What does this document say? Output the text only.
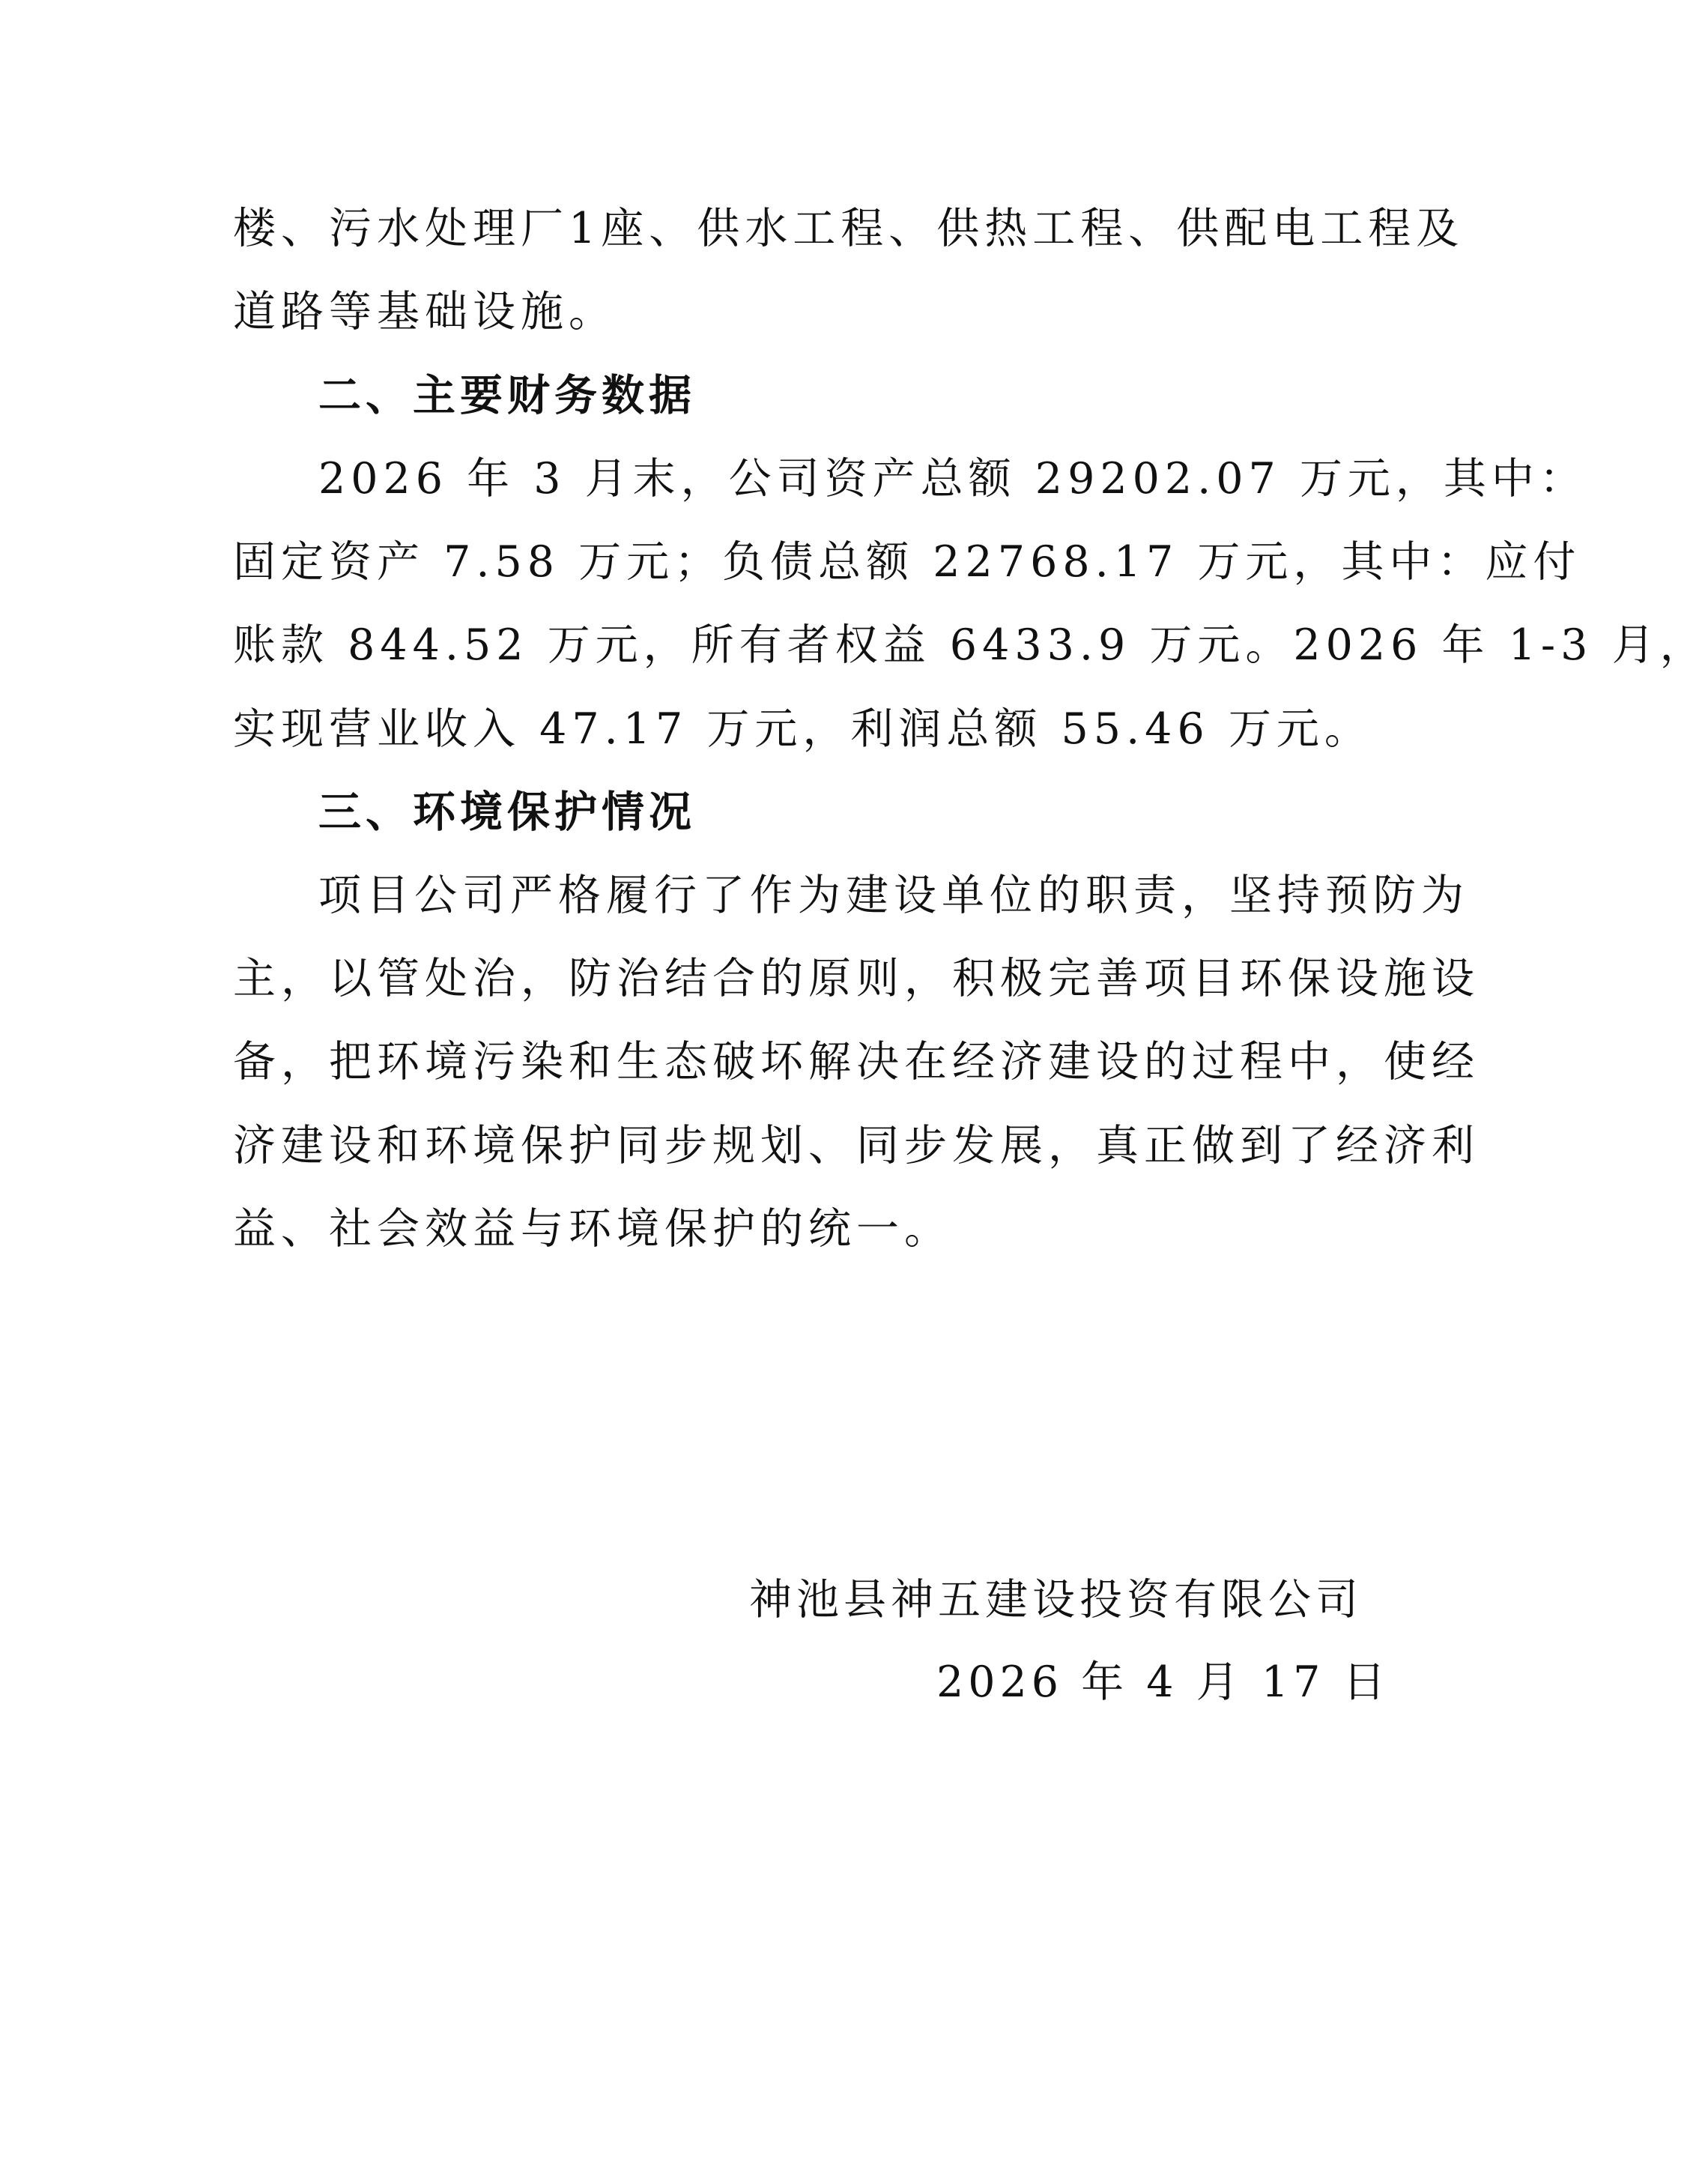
楼、污水处理厂1座、供水工程、供热工程、供配电工程及
道路等基础设施。
二、主要财务数据
2026 年 3 月末，公司资产总额 29202.07 万元，其中：
固定资产 7.58 万元；负债总额 22768.17 万元，其中：应付
账款 844.52 万元，所有者权益 6433.9 万元。2026 年 1-3 月，
实现营业收入 47.17 万元，利润总额 55.46 万元。
三、环境保护情况
项目公司严格履行了作为建设单位的职责，坚持预防为
主，以管处治，防治结合的原则，积极完善项目环保设施设
备，把环境污染和生态破坏解决在经济建设的过程中，使经
济建设和环境保护同步规划、同步发展，真正做到了经济利
益、社会效益与环境保护的统一。
神池县神五建设投资有限公司
2026 年 4 月 17 日
